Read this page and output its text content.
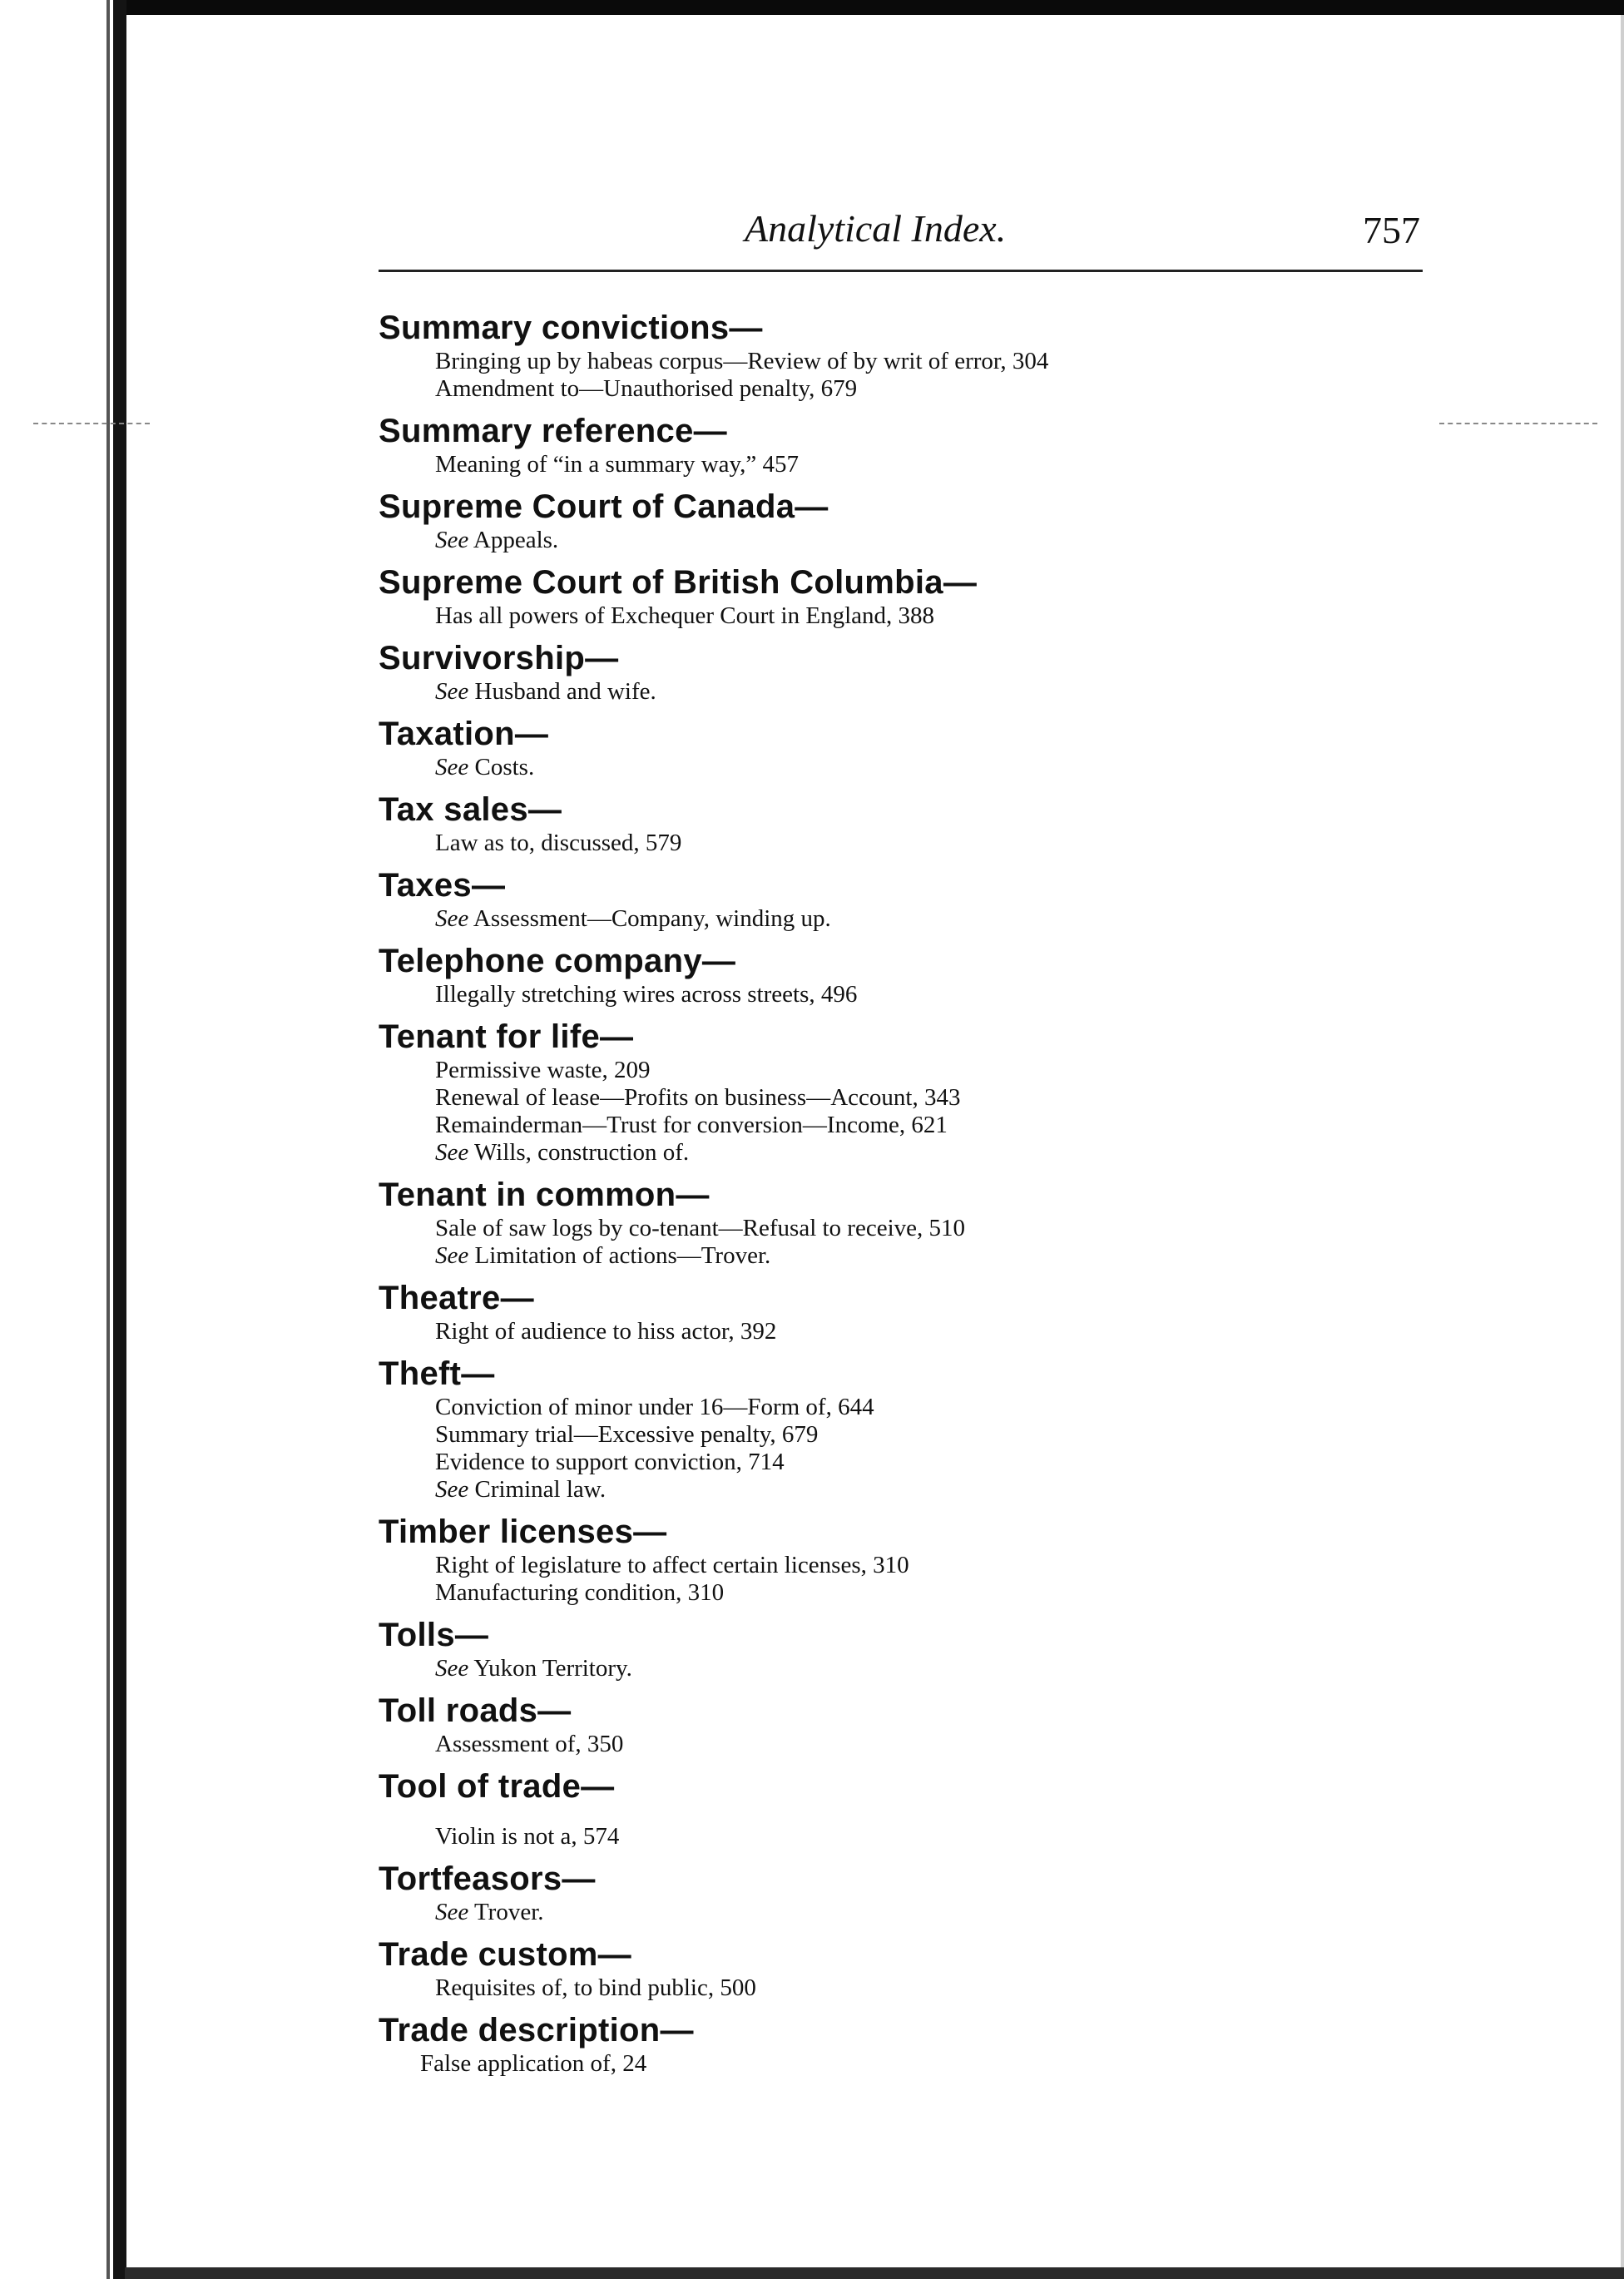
Analytical Index.	757
Summary convictions—
Bringing up by habeas corpus—Review of by writ of error, 304
Amendment to—Unauthorised penalty, 679
Summary reference—
Meaning of “in a summary way,” 457
Supreme Court of Canada—
See Appeals.
Supreme Court of British Columbia—
Has all powers of Exchequer Court in England, 388
Survivorship—
See Husband and wife.
Taxation—
See Costs.
Tax sales—
Law as to, discussed, 579
Taxes—
See Assessment—Company, winding up.
Telephone company—
Illegally stretching wires across streets, 496
Tenant for life—
Permissive waste, 209
Renewal of lease—Profits on business—Account, 343
Remainderman—Trust for conversion—Income, 621
See Wills, construction of.
Tenant in common—
Sale of saw logs by co-tenant—Refusal to receive, 510
See Limitation of actions—Trover.
Theatre—
Right of audience to hiss actor, 392
Theft—
Conviction of minor under 16—Form of, 644
Summary trial—Excessive penalty, 679
Evidence to support conviction, 714
See Criminal law.
Timber licenses—
Right of legislature to affect certain licenses, 310
Manufacturing condition, 310
Tolls—
See Yukon Territory.
Toll roads—
Assessment of, 350
Tool of trade—
Violin is not a, 574
Tortfeasors—
See Trover.
Trade custom—
Requisites of, to bind public, 500
Trade description—
False application of, 24
